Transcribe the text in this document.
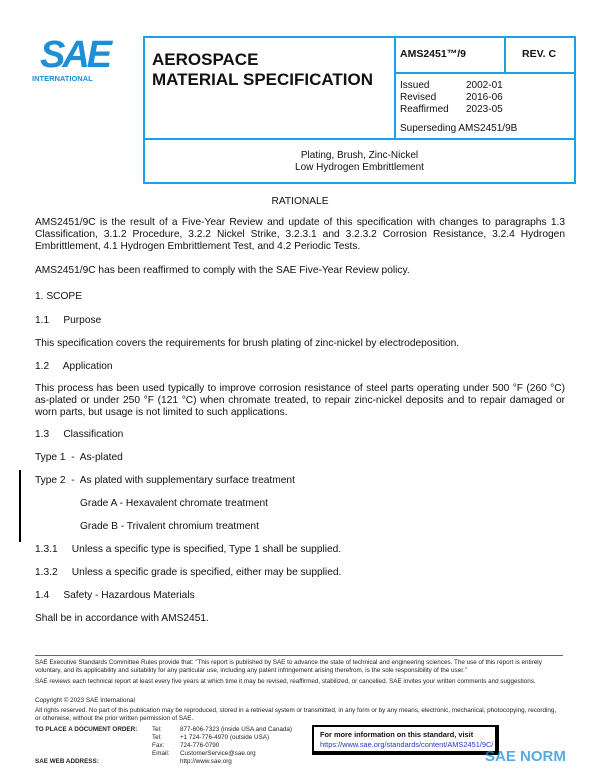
SAE
INTERNATIONAL
AEROSPACE
MATERIAL SPECIFICATION
AMS2451™/9	REV. C
Issued	2002-01
Revised	2016-06
Reaffirmed 2023-05
Superseding AMS2451/9B
Plating, Brush, Zinc-Nickel
Low Hydrogen Embrittlement
RATIONALE
AMS2451/9C is the result of a Five-Year Review and update of this specification with changes to paragraphs 1.3 Classification, 3.1.2 Procedure, 3.2.2 Nickel Strike, 3.2.3.1 and 3.2.3.2 Corrosion Resistance, 3.2.4 Hydrogen Embrittlement, 4.1 Hydrogen Embrittlement Test, and 4.2 Periodic Tests.
AMS2451/9C has been reaffirmed to comply with the SAE Five-Year Review policy.
1. SCOPE
1.1     Purpose
This specification covers the requirements for brush plating of zinc-nickel by electrodeposition.
1.2     Application
This process has been used typically to improve corrosion resistance of steel parts operating under 500 °F (260 °C) as-plated or under 250 °F (121 °C) when chromate treated, to repair zinc-nickel deposits and to repair damaged or worn parts, but usage is not limited to such applications.
1.3     Classification
Type 1  -  As-plated
Type 2  -  As plated with supplementary surface treatment
Grade A - Hexavalent chromate treatment
Grade B - Trivalent chromium treatment
1.3.1     Unless a specific type is specified, Type 1 shall be supplied.
1.3.2     Unless a specific grade is specified, either may be supplied.
1.4     Safety - Hazardous Materials
Shall be in accordance with AMS2451.
SAE Executive Standards Committee Rules provide that: "This report is published by SAE to advance the state of technical and engineering sciences. The use of this report is entirely voluntary, and its applicability and suitability for any particular use, including any patent infringement arising therefrom, is the sole responsibility of the user."
SAE reviews each technical report at least every five years at which time it may be revised, reaffirmed, stabilized, or cancelled. SAE invites your written comments and suggestions.
Copyright © 2023 SAE International
All rights reserved. No part of this publication may be reproduced, stored in a retrieval system or transmitted, in any form or by any means, electronic, mechanical, photocopying, recording, or otherwise, without the prior written permission of SAE.
TO PLACE A DOCUMENT ORDER:	Tel:	877-606-7323 (inside USA and Canada)
Tel:	+1 724-776-4970 (outside USA)
Fax:	724-776-0790
Email: CustomerService@sae.org
http://www.sae.org
SAE WEB ADDRESS:
For more information on this standard, visit
https://www.sae.org/standards/content/AMS2451/9C/
SAE NORM
